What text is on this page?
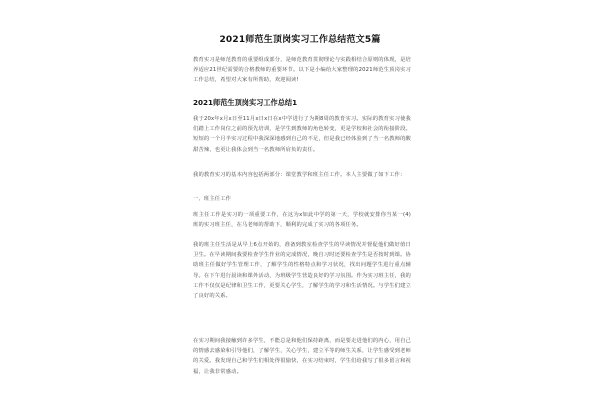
2021师范生顶岗实习工作总结范文5篇
教育实习是师范教育的重要组成部分，是师范教育贯彻理论与实践相结合原则的体现，是培养适应21世纪需要的合格教师的重要环节。以下是小编给大家整理的2021师范生顶岗实习工作总结，希望对大家有所帮助，欢迎阅读!
2021师范生顶岗实习工作总结1
我于20x年x月x日至11月x日x日在x中学进行了为期8周的教育实习。实际的教育实习使我们踏上工作岗位之前的预先培训，是学生到教师的角色转变，更是学校和社会的衔接阶段。短短的一个月半实习过程中我深深地感到自己的不足，但是我已经体验到了当一名教师的酸甜苦辣，也更让我体会到当一名教师所肩负的责任。
我的教育实习的基本内容包括两部分：课堂教学和班主任工作。本人主要做了如下工作：
一、班主任工作
班主任工作是实习的一项重要工作，在这为x如此中学的第一天，学校就安排你当某一(4)班的实习班主任，在马老师的帮助下，顺利的完成了实习的各项任务。
我的班主任生活是从早上6点开始的，准备到教室检查学生的早读情况并督促他们做好值日卫生。在早读期间我要检查学生作业的完成情况，晚自习时还要检查学生是否按时到课。协助班主任做好学生管理工作，了解学生的性格特点和学习状况，找出问题学生进行重点辅导。在下午进行晨读和课外活动，为班级学生营造良好的学习氛围。作为实习班主任，我的工作不仅仅是纪律和卫生工作，更要关心学生，了解学生的学习和生活情况。与学生们建立了良好的关系。
在实习期间我接触到许多学生，不能总是和他们保持距离，而是要走进他们的内心，用自己的情感去感染和引导他们，了解学生，关心学生，建立平等的师生关系，让学生感受到老师的关爱。我发现自己和学生们相处得很愉快，在实习结束时，学生们给我写了很多留言和祝福，让我非常感动。
